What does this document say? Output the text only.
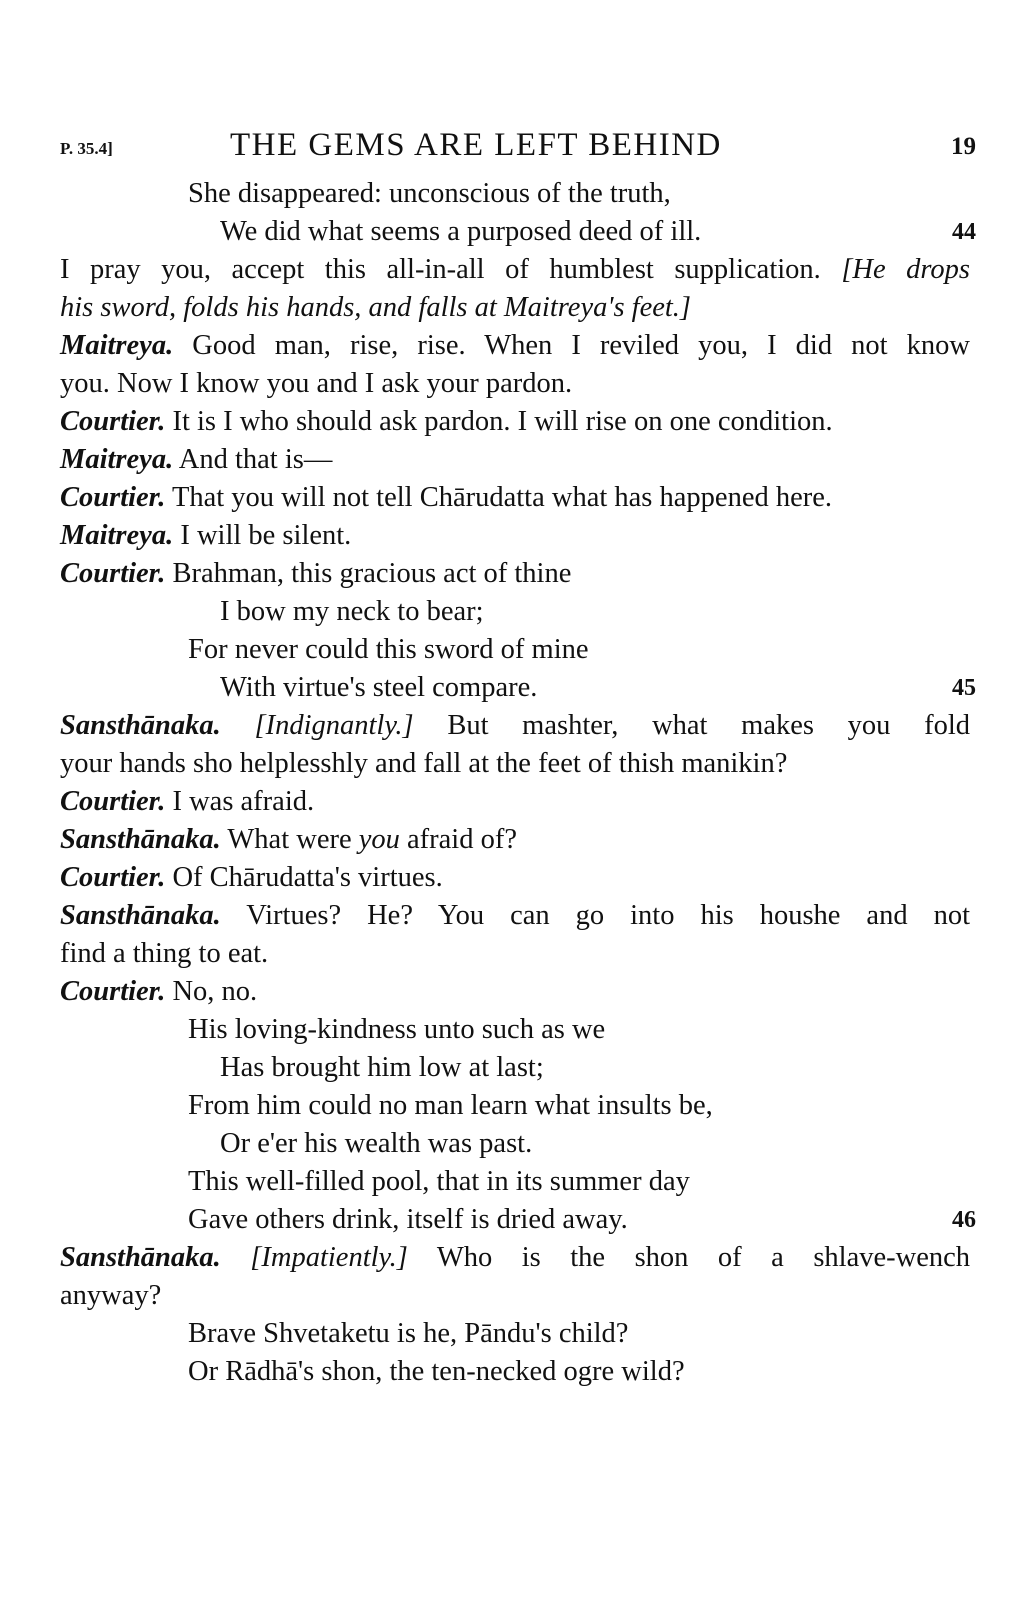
P. 35.4]	THE GEMS ARE LEFT BEHIND	19
She disappeared: unconscious of the truth,
We did what seems a purposed deed of ill.	44
I pray you, accept this all-in-all of humblest supplication. [He drops
his sword, folds his hands, and falls at Maitreya's feet.]
Maitreya. Good man, rise, rise. When I reviled you, I did not know
you. Now I know you and I ask your pardon.
Courtier. It is I who should ask pardon. I will rise on one condition.
Maitreya. And that is—
Courtier. That you will not tell Chārudatta what has happened here.
Maitreya. I will be silent.
Courtier. Brahman, this gracious act of thine
I bow my neck to bear;
For never could this sword of mine
With virtue's steel compare.	45
Sansthānaka. [Indignantly.] But mashter, what makes you fold
your hands sho helplesshly and fall at the feet of thish manikin?
Courtier. I was afraid.
Sansthānaka. What were you afraid of?
Courtier. Of Chārudatta's virtues.
Sansthānaka. Virtues? He? You can go into his houshe and not
find a thing to eat.
Courtier. No, no.
His loving-kindness unto such as we
Has brought him low at last;
From him could no man learn what insults be,
Or e'er his wealth was past.
This well-filled pool, that in its summer day
Gave others drink, itself is dried away.	46
Sansthānaka. [Impatiently.] Who is the shon of a shlave-wench
anyway?
Brave Shvetaketu is he, Pāndu's child?
Or Rādhā's shon, the ten-necked ogre wild?
